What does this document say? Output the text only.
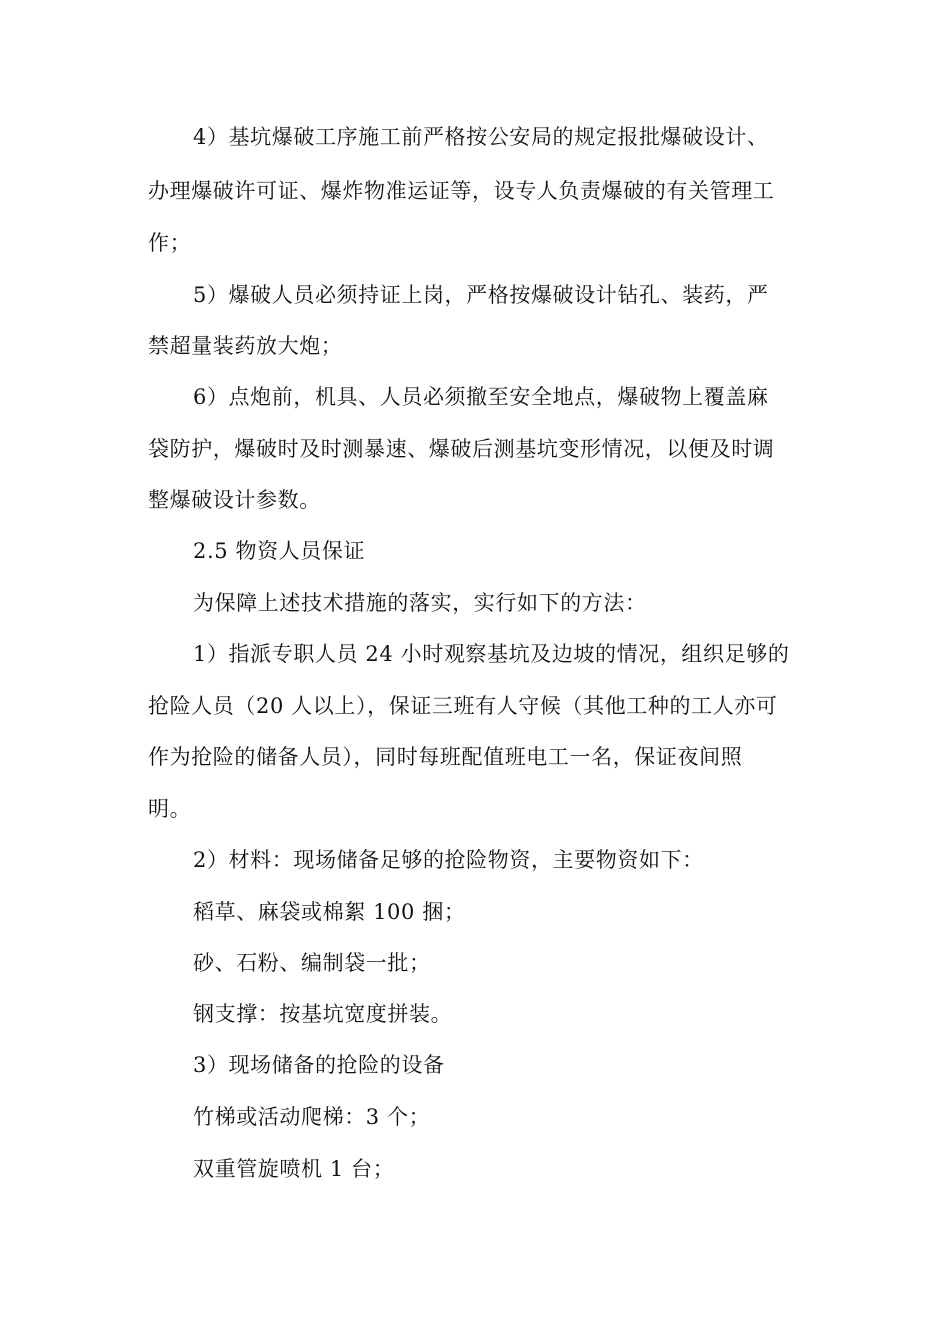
4）基坑爆破工序施工前严格按公安局的规定报批爆破设计、
办理爆破许可证、爆炸物准运证等，设专人负责爆破的有关管理工
作；
5）爆破人员必须持证上岗，严格按爆破设计钻孔、装药，严
禁超量装药放大炮；
6）点炮前，机具、人员必须撤至安全地点，爆破物上覆盖麻
袋防护，爆破时及时测暴速、爆破后测基坑变形情况，以便及时调
整爆破设计参数。
2.5 物资人员保证
为保障上述技术措施的落实，实行如下的方法：
1）指派专职人员 24 小时观察基坑及边坡的情况，组织足够的
抢险人员（20 人以上），保证三班有人守候（其他工种的工人亦可
作为抢险的储备人员），同时每班配值班电工一名，保证夜间照
明。
2）材料：现场储备足够的抢险物资，主要物资如下：
稻草、麻袋或棉絮 100 捆；
砂、石粉、编制袋一批；
钢支撑：按基坑宽度拼装。
3）现场储备的抢险的设备
竹梯或活动爬梯：3 个；
双重管旋喷机 1 台；
